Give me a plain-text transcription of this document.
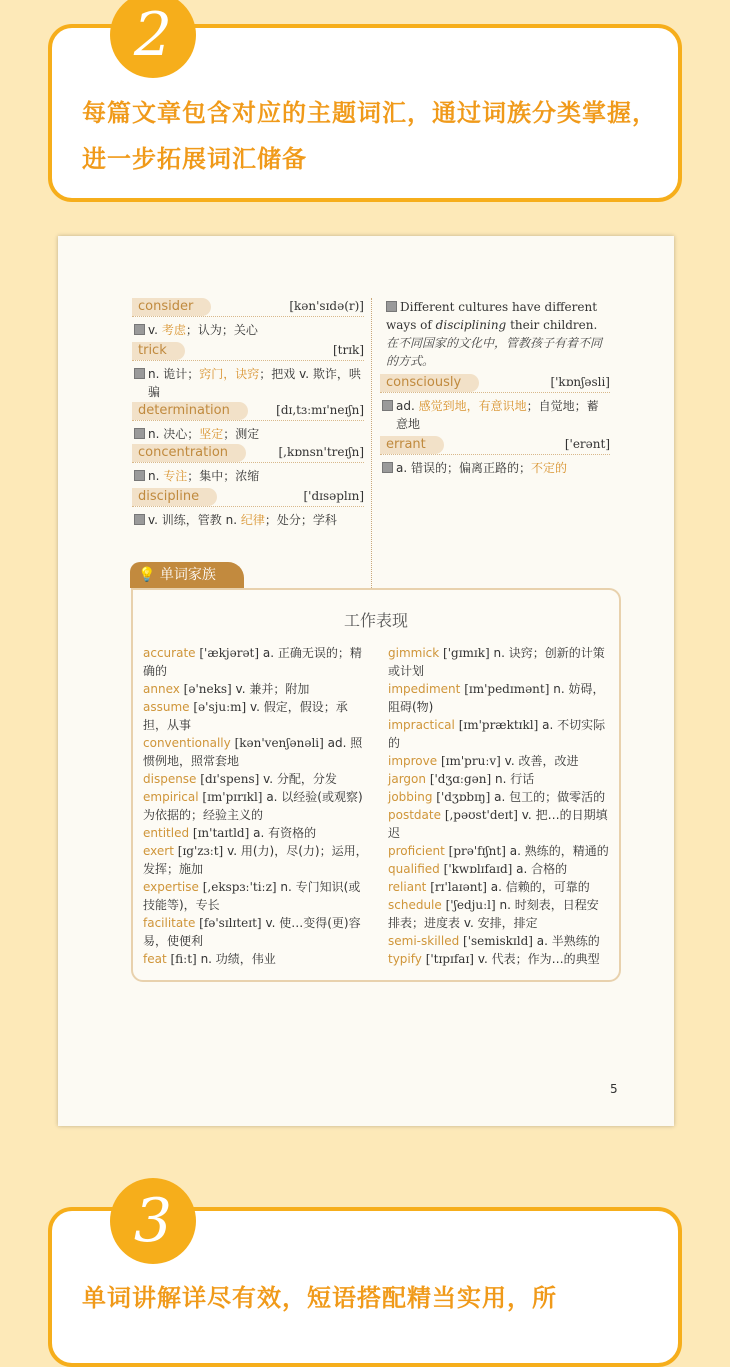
每篇文章包含对应的主题词汇，通过词族分类掌握，进一步拓展词汇储备
2
consider	[kən'sɪdə(r)]
v. 考虑；认为；关心
trick	[trɪk]
n. 诡计；窍门，诀窍；把戏 v. 欺诈，哄骗
determination	[dɪ,tɜːmɪ'neɪʃn]
n. 决心；坚定；测定
concentration	[,kɒnsn'treɪʃn]
n. 专注；集中；浓缩
discipline	['dɪsəplɪn]
v. 训练，管教 n. 纪律；处分；学科
Different cultures have different ways of disciplining their children. 在不同国家的文化中，管教孩子有着不同的方式。
consciously	['kɒnʃəsli]
ad. 感觉到地，有意识地；自觉地；蓄意地
errant	['erənt]
a. 错误的；偏离正路的；不定的
💡 单词家族
工作表现
accurate ['ækjərət] a. 正确无误的；精确的
annex [ə'neks] v. 兼并；附加
assume [ə'sjuːm] v. 假定，假设；承担，从事
conventionally [kən'venʃənəli] ad. 照惯例地，照常套地
dispense [dɪ'spens] v. 分配，分发
empirical [ɪm'pɪrɪkl] a. 以经验(或观察)为依据的；经验主义的
entitled [ɪn'taɪtld] a. 有资格的
exert [ɪg'zɜːt] v. 用(力)，尽(力)；运用，发挥；施加
expertise [,ekspɜː'tiːz] n. 专门知识(或技能等)，专长
facilitate [fə'sɪlɪteɪt] v. 使…变得(更)容易，使便利
feat [fiːt] n. 功绩，伟业
gimmick ['gɪmɪk] n. 诀窍；创新的计策或计划
impediment [ɪm'pedɪmənt] n. 妨碍，阻碍(物)
impractical [ɪm'præktɪkl] a. 不切实际的
improve [ɪm'pruːv] v. 改善，改进
jargon ['dʒɑːgən] n. 行话
jobbing ['dʒɒbɪŋ] a. 包工的；做零活的
postdate [,pəʊst'deɪt] v. 把…的日期填迟
proficient [prə'fɪʃnt] a. 熟练的，精通的
qualified ['kwɒlɪfaɪd] a. 合格的
reliant [rɪ'laɪənt] a. 信赖的，可靠的
schedule ['ʃedjuːl] n. 时刻表，日程安排表；进度表 v. 安排，排定
semi-skilled ['semiskɪld] a. 半熟练的
typify ['tɪpɪfaɪ] v. 代表；作为…的典型
5
单词讲解详尽有效，短语搭配精当实用，所
3
